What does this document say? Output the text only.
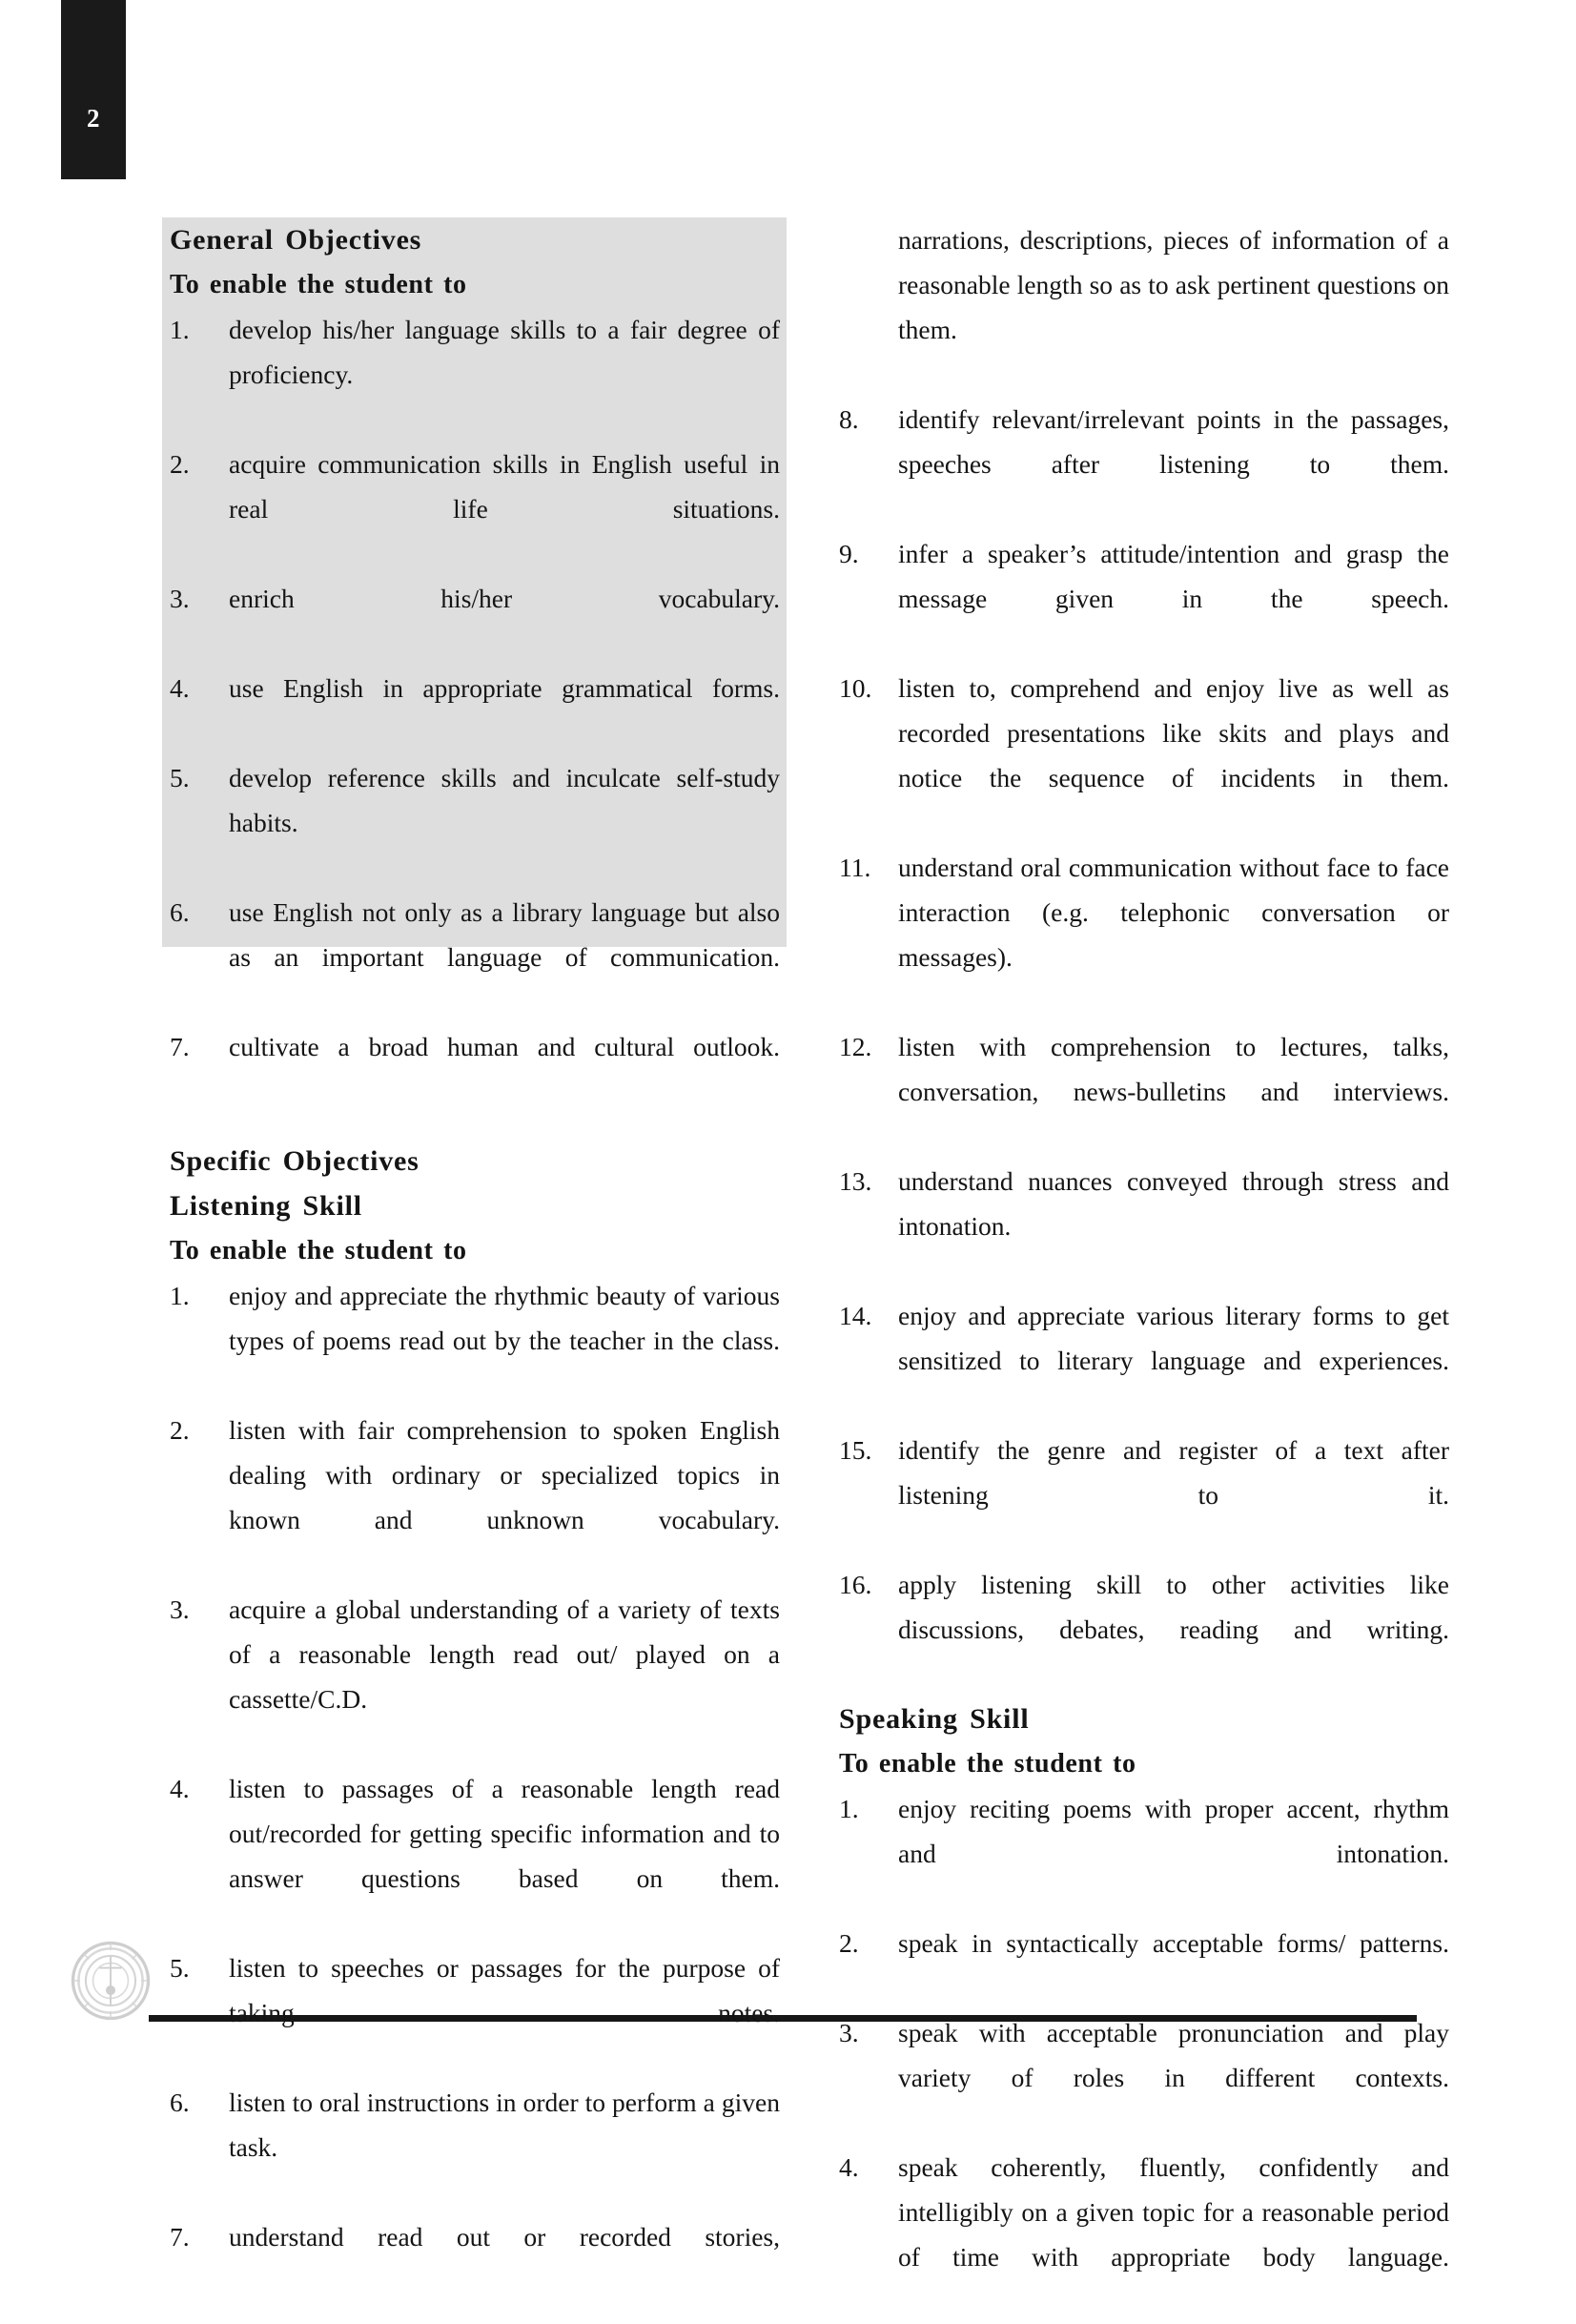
2
General Objectives
To enable the student to
1.	develop his/her language skills to a fair degree of proficiency.
2.	acquire communication skills in English useful in real life situations.
3.	enrich his/her vocabulary.
4.	use English in appropriate grammatical forms.
5.	develop reference skills and inculcate self-study habits.
6.	use English not only as a library language but also as an important language of communication.
7.	cultivate a broad human and cultural outlook.
Specific Objectives
Listening Skill
To enable the student to
1.	enjoy and appreciate the rhythmic beauty of various types of poems read out by the teacher in the class.
2.	listen with fair comprehension to spoken English dealing with ordinary or specialized topics in known and unknown vocabulary.
3.	acquire a global understanding of a variety of texts of a reasonable length read out/ played on a cassette/C.D.
4.	listen to passages of a reasonable length read out/recorded for getting specific information and to answer questions based on them.
5.	listen to speeches or passages for the purpose of taking notes.
6.	listen to oral instructions in order to perform a given task.
7.	understand read out or recorded stories,

narrations, descriptions, pieces of information of a reasonable length so as to ask pertinent questions on them.

8.	identify relevant/irrelevant points in the passages, speeches after listening to them.
9.	infer a speaker’s attitude/intention and grasp the message given in the speech.
10.	listen to, comprehend and enjoy live as well as recorded presentations like skits and plays and notice the sequence of incidents in them.
11.	understand oral communication without face to face interaction (e.g. telephonic conversation or messages).
12.	listen with comprehension to lectures, talks, conversation, news-bulletins and interviews.
13.	understand nuances conveyed through stress and intonation.
14.	enjoy and appreciate various literary forms to get sensitized to literary language and experiences.
15.	identify the genre and register of a text after listening to it.
16.	apply listening skill to other activities like discussions, debates, reading and writing.
Speaking Skill
To enable the student to
1.	enjoy reciting poems with proper accent, rhythm and intonation.
2.	speak in syntactically acceptable forms/ patterns.
3.	speak with acceptable pronunciation and play variety of roles in different contexts.
4.	speak coherently, fluently, confidently and intelligibly on a given topic for a reasonable period of time with appropriate body language.
